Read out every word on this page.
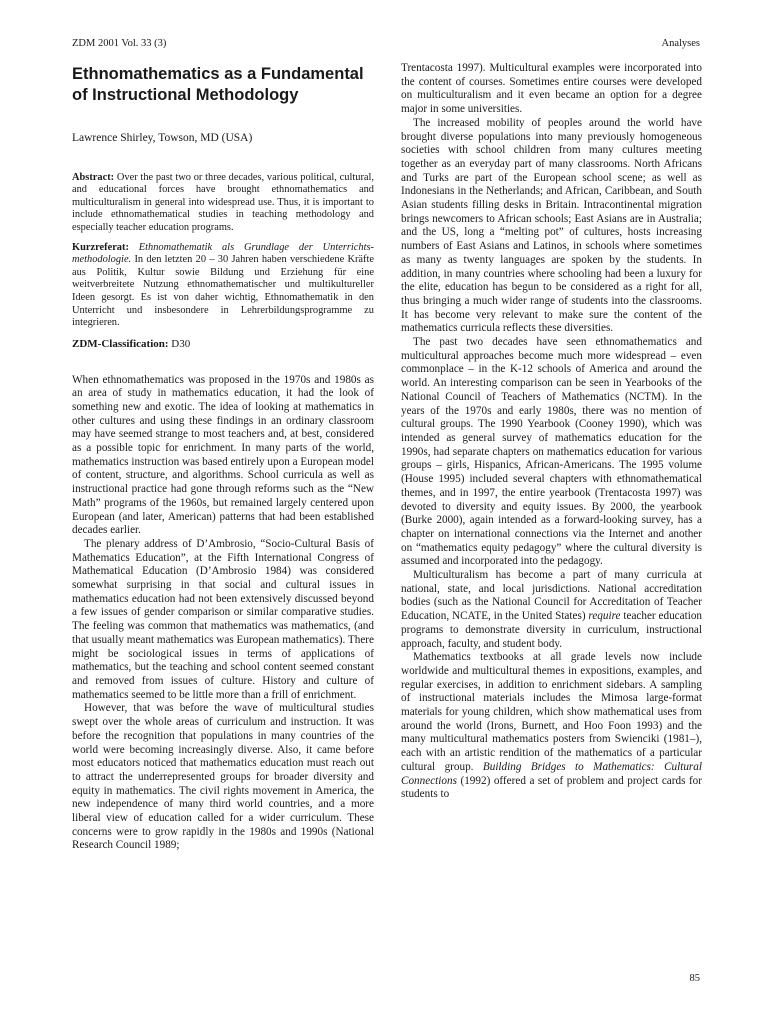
ZDM 2001 Vol. 33 (3)	Analyses
Ethnomathematics as a Fundamental of Instructional Methodology
Lawrence Shirley, Towson, MD (USA)
Abstract: Over the past two or three decades, various political, cultural, and educational forces have brought ethnomathematics and multiculturalism in general into widespread use. Thus, it is important to include ethnomathematical studies in teaching methodology and especially teacher education programs.
Kurzreferat: Ethnomathematik als Grundlage der Unterrichts-methodologie. In den letzten 20 – 30 Jahren haben verschiedene Kräfte aus Politik, Kultur sowie Bildung und Erziehung für eine weitverbreitete Nutzung ethnomathematischer und multikultureller Ideen gesorgt. Es ist von daher wichtig, Ethnomathematik in den Unterricht und insbesondere in Lehrerbildungsprogramme zu integrieren.
ZDM-Classification: D30

When ethnomathematics was proposed in the 1970s and 1980s as an area of study in mathematics education, it had the look of something new and exotic. The idea of looking at mathematics in other cultures and using these findings in an ordinary classroom may have seemed strange to most teachers and, at best, considered as a possible topic for enrichment. In many parts of the world, mathematics instruction was based entirely upon a European model of content, structure, and algorithms. School curricula as well as instructional practice had gone through reforms such as the “New Math” programs of the 1960s, but remained largely centered upon European (and later, American) patterns that had been established decades earlier.

The plenary address of D’Ambrosio, “Socio-Cultural Basis of Mathematics Education”, at the Fifth International Congress of Mathematical Education (D’Ambrosio 1984) was considered somewhat surprising in that social and cultural issues in mathematics education had not been extensively discussed beyond a few issues of gender comparison or similar comparative studies. The feeling was common that mathematics was mathematics, (and that usually meant mathematics was European mathematics). There might be sociological issues in terms of applications of mathematics, but the teaching and school content seemed constant and removed from issues of culture. History and culture of mathematics seemed to be little more than a frill of enrichment.

However, that was before the wave of multicultural studies swept over the whole areas of curriculum and instruction. It was before the recognition that populations in many countries of the world were becoming increasingly diverse. Also, it came before most educators noticed that mathematics education must reach out to attract the underrepresented groups for broader diversity and equity in mathematics. The civil rights movement in America, the new independence of many third world countries, and a more liberal view of education called for a wider curriculum. These concerns were to grow rapidly in the 1980s and 1990s (National Research Council 1989;

Trentacosta 1997). Multicultural examples were incorporated into the content of courses. Sometimes entire courses were developed on multiculturalism and it even became an option for a degree major in some universities.

The increased mobility of peoples around the world have brought diverse populations into many previously homogeneous societies with school children from many cultures meeting together as an everyday part of many classrooms. North Africans and Turks are part of the European school scene; as well as Indonesians in the Netherlands; and African, Caribbean, and South Asian students filling desks in Britain. Intracontinental migration brings newcomers to African schools; East Asians are in Australia; and the US, long a “melting pot” of cultures, hosts increasing numbers of East Asians and Latinos, in schools where sometimes as many as twenty languages are spoken by the students. In addition, in many countries where schooling had been a luxury for the elite, education has begun to be considered as a right for all, thus bringing a much wider range of students into the classrooms. It has become very relevant to make sure the content of the mathematics curricula reflects these diversities.

The past two decades have seen ethnomathematics and multicultural approaches become much more widespread – even commonplace – in the K-12 schools of America and around the world. An interesting comparison can be seen in Yearbooks of the National Council of Teachers of Mathematics (NCTM). In the years of the 1970s and early 1980s, there was no mention of cultural groups. The 1990 Yearbook (Cooney 1990), which was intended as general survey of mathematics education for the 1990s, had separate chapters on mathematics education for various groups – girls, Hispanics, African-Americans. The 1995 volume (House 1995) included several chapters with ethnomathematical themes, and in 1997, the entire yearbook (Trentacosta 1997) was devoted to diversity and equity issues. By 2000, the yearbook (Burke 2000), again intended as a forward-looking survey, has a chapter on international connections via the Internet and another on “mathematics equity pedagogy” where the cultural diversity is assumed and incorporated into the pedagogy.

Multiculturalism has become a part of many curricula at national, state, and local jurisdictions. National accreditation bodies (such as the National Council for Accreditation of Teacher Education, NCATE, in the United States) require teacher education programs to demonstrate diversity in curriculum, instructional approach, faculty, and student body.

Mathematics textbooks at all grade levels now include worldwide and multicultural themes in expositions, examples, and regular exercises, in addition to enrichment sidebars. A sampling of instructional materials includes the Mimosa large-format materials for young children, which show mathematical uses from around the world (Irons, Burnett, and Hoo Foon 1993) and the many multicultural mathematics posters from Swienciki (1981–), each with an artistic rendition of the mathematics of a particular cultural group. Building Bridges to Mathematics: Cultural Connections (1992) offered a set of problem and project cards for students to

85
